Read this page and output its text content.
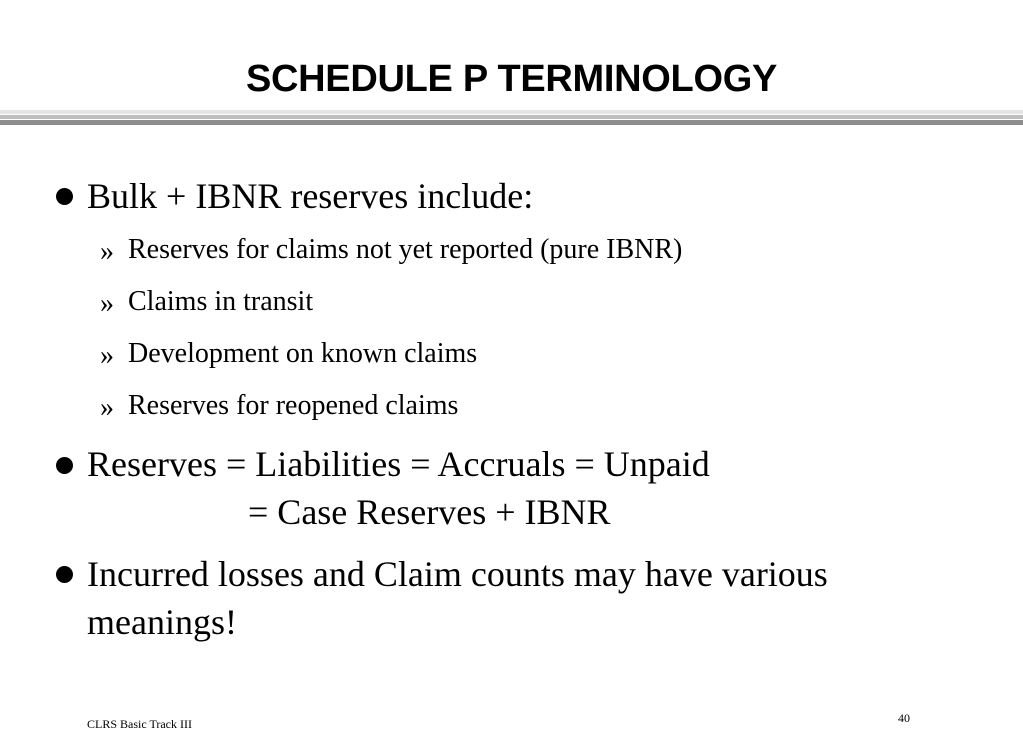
SCHEDULE P TERMINOLOGY
Bulk + IBNR reserves include:
» Reserves for claims not yet reported (pure IBNR)
» Claims in transit
» Development on known claims
» Reserves for reopened claims
Reserves = Liabilities = Accruals = Unpaid
= Case Reserves + IBNR
Incurred losses and Claim counts may have various
meanings!
CLRS Basic Track III	40
